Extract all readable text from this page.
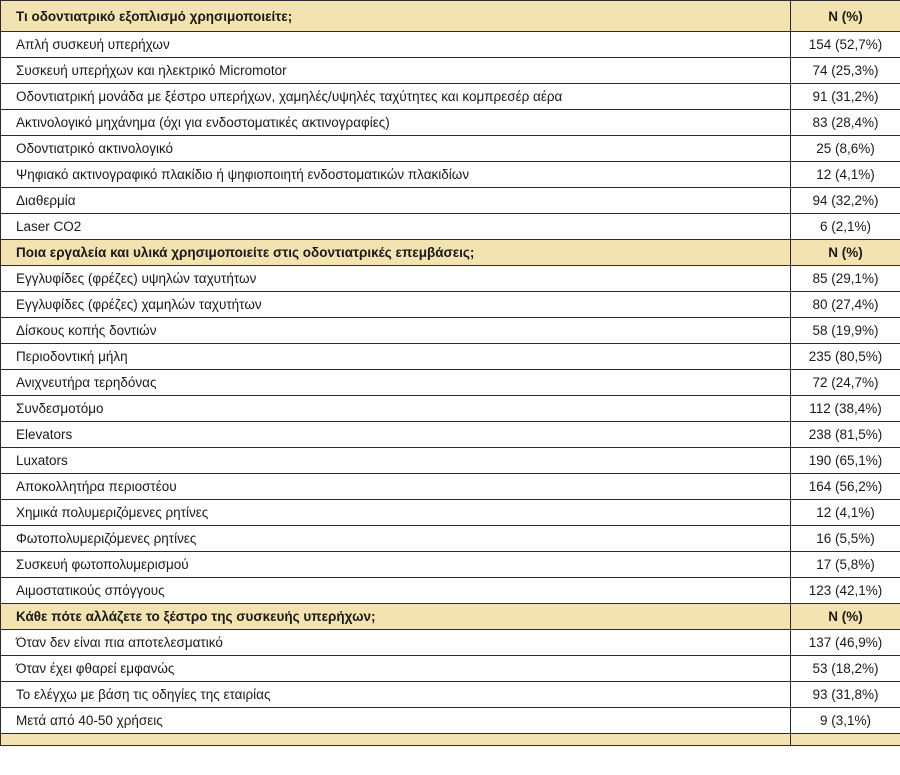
Τι οδοντιατρικό εξοπλισμό χρησιμοποιείτε;	N (%)
Απλή συσκευή υπερήχων	154 (52,7%)
Συσκευή υπερήχων και ηλεκτρικό Micromotor	74 (25,3%)
Οδοντιατρική μονάδα με ξέστρο υπερήχων, χαμηλές/υψηλές ταχύτητες και κομπρεσέρ αέρα	91 (31,2%)
Ακτινολογικό μηχάνημα (όχι για ενδοστοματικές ακτινογραφίες)	83 (28,4%)
Οδοντιατρικό ακτινολογικό	25 (8,6%)
Ψηφιακό ακτινογραφικό πλακίδιο ή ψηφιοποιητή ενδοστοματικών πλακιδίων	12 (4,1%)
Διαθερμία	94 (32,2%)
Laser CO2	6 (2,1%)
Ποια εργαλεία και υλικά χρησιμοποιείτε στις οδοντιατρικές επεμβάσεις;	N (%)
Εγγλυφίδες (φρέζες) υψηλών ταχυτήτων	85 (29,1%)
Εγγλυφίδες (φρέζες) χαμηλών ταχυτήτων	80 (27,4%)
Δίσκους κοπής δοντιών	58 (19,9%)
Περιοδοντική μήλη	235 (80,5%)
Ανιχνευτήρα τερηδόνας	72 (24,7%)
Συνδεσμοτόμο	112 (38,4%)
Elevators	238 (81,5%)
Luxators	190 (65,1%)
Αποκολλητήρα περιοστέου	164 (56,2%)
Χημικά πολυμεριζόμενες ρητίνες	12 (4,1%)
Φωτοπολυμεριζόμενες ρητίνες	16 (5,5%)
Συσκευή φωτοπολυμερισμού	17 (5,8%)
Αιμοστατικούς σπόγγους	123 (42,1%)
Κάθε πότε αλλάζετε το ξέστρο της συσκευής υπερήχων;	N (%)
Όταν δεν είναι πια αποτελεσματικό	137 (46,9%)
Όταν έχει φθαρεί εμφανώς	53 (18,2%)
Το ελέγχω με βάση τις οδηγίες της εταιρίας	93 (31,8%)
Μετά από 40-50 χρήσεις	9 (3,1%)
